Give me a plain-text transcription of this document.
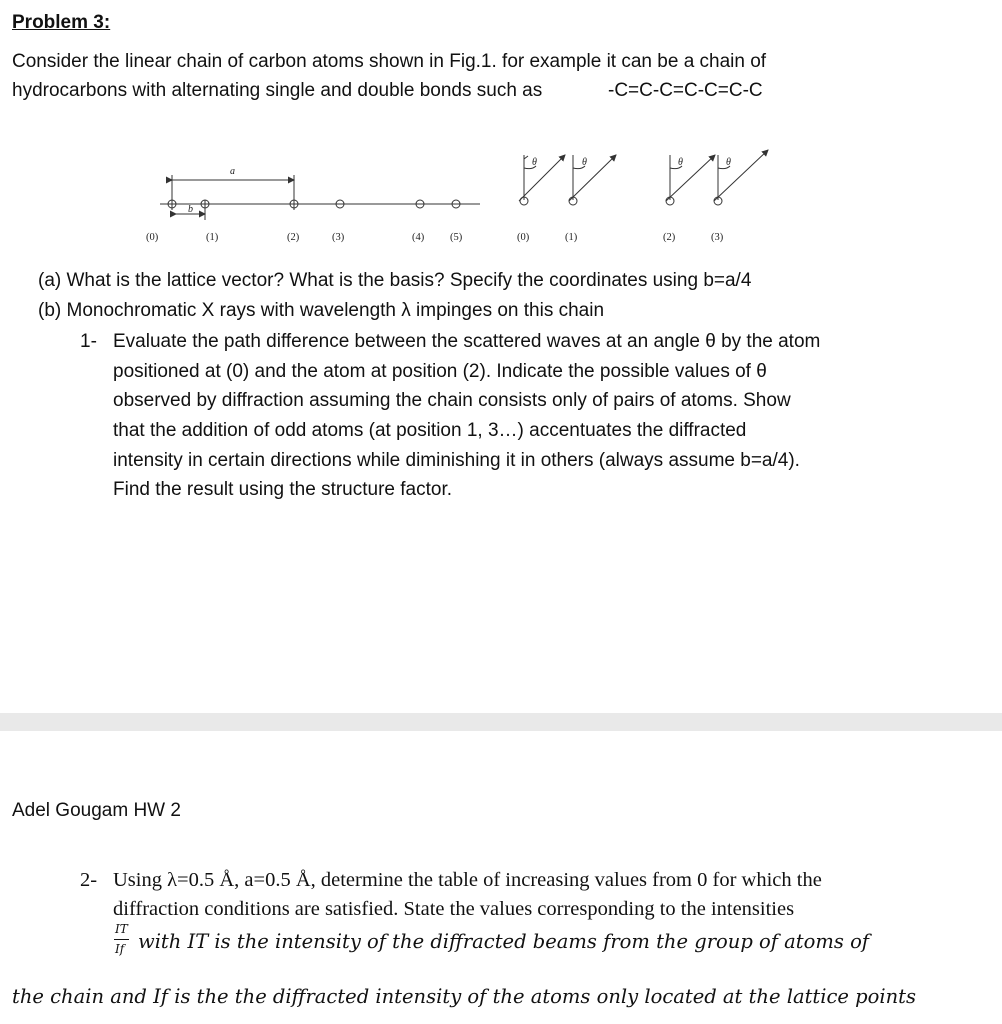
Problem 3:
Consider the linear chain of carbon atoms shown in Fig.1. for example it can be a chain of
hydrocarbons with alternating single and double bonds such as	-C=C-C=C-C=C-C
a
b
θ	θ	θ	θ
(0)	(1)	(2)	(3)	(4) (5)	(0)	(1)	(2)	(3)
(a) What is the lattice vector? What is the basis? Specify the coordinates using b=a/4
(b) Monochromatic X rays with wavelength λ impinges on this chain
1- Evaluate the path difference between the scattered waves at an angle θ by the atom
positioned at (0) and the atom at position (2). Indicate the possible values of θ
observed by diffraction assuming the chain consists only of pairs of atoms. Show
that the addition of odd atoms (at position 1, 3…) accentuates the diffracted
intensity in certain directions while diminishing it in others (always assume b=a/4).
Find the result using the structure factor.
Adel Gougam HW 2
2- Using λ=0.5 Å, a=0.5 Å, determine the table of increasing values from 0 for which the
diffraction conditions are satisfied. State the values corresponding to the intensities
IT
If with IT is the intensity of the diffracted beams from the group of atoms of
the chain and If is the the diffracted intensity of the atoms only located at the lattice points
